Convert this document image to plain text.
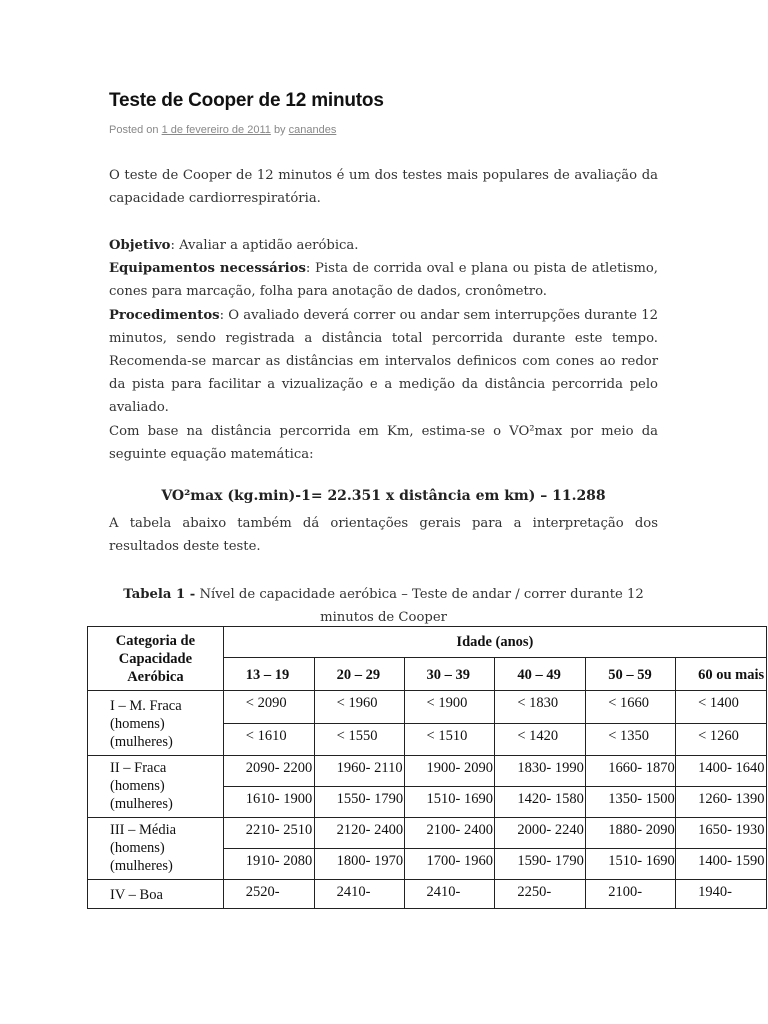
Teste de Cooper de 12 minutos
Posted on 1 de fevereiro de 2011 by canandes

O teste de Cooper de 12 minutos é um dos testes mais populares de avaliação da capacidade cardiorrespiratória.

Objetivo: Avaliar a aptidão aeróbica.

Equipamentos necessários: Pista de corrida oval e plana ou pista de atletismo, cones para marcação, folha para anotação de dados, cronômetro.

Procedimentos: O avaliado deverá correr ou andar sem interrupções durante 12 minutos, sendo registrada a distância total percorrida durante este tempo. Recomenda-se marcar as distâncias em intervalos definicos com cones ao redor da pista para facilitar a vizualização e a medição da distância percorrida pelo avaliado.

Com base na distância percorrida em Km, estima-se o VO²max por meio da seguinte equação matemática:

VO²max (kg.min)-1= 22.351 x distância em km) – 11.288

A tabela abaixo também dá orientações gerais para a interpretação dos resultados deste teste.

Tabela 1 - Nível de capacidade aeróbica – Teste de andar / correr durante 12 minutos de Cooper
Categoria de Capacidade Aeróbica	Idade (anos)					
	13 – 19	20 – 29	30 – 39	40 – 49	50 – 59	60 ou mais
I – M. Fraca (homens) (mulheres)	< 2090	< 1960	< 1900	< 1830	< 1660	< 1400
	< 1610	< 1550	< 1510	< 1420	< 1350	< 1260
II – Fraca (homens) (mulheres)	2090- 2200	1960- 2110	1900- 2090	1830- 1990	1660- 1870	1400- 1640
	1610- 1900	1550- 1790	1510- 1690	1420- 1580	1350- 1500	1260- 1390
III – Média (homens) (mulheres)	2210- 2510	2120- 2400	2100- 2400	2000- 2240	1880- 2090	1650- 1930
	1910- 2080	1800- 1970	1700- 1960	1590- 1790	1510- 1690	1400- 1590
IV – Boa	2520-	2410-	2410-	2250-	2100-	1940-
